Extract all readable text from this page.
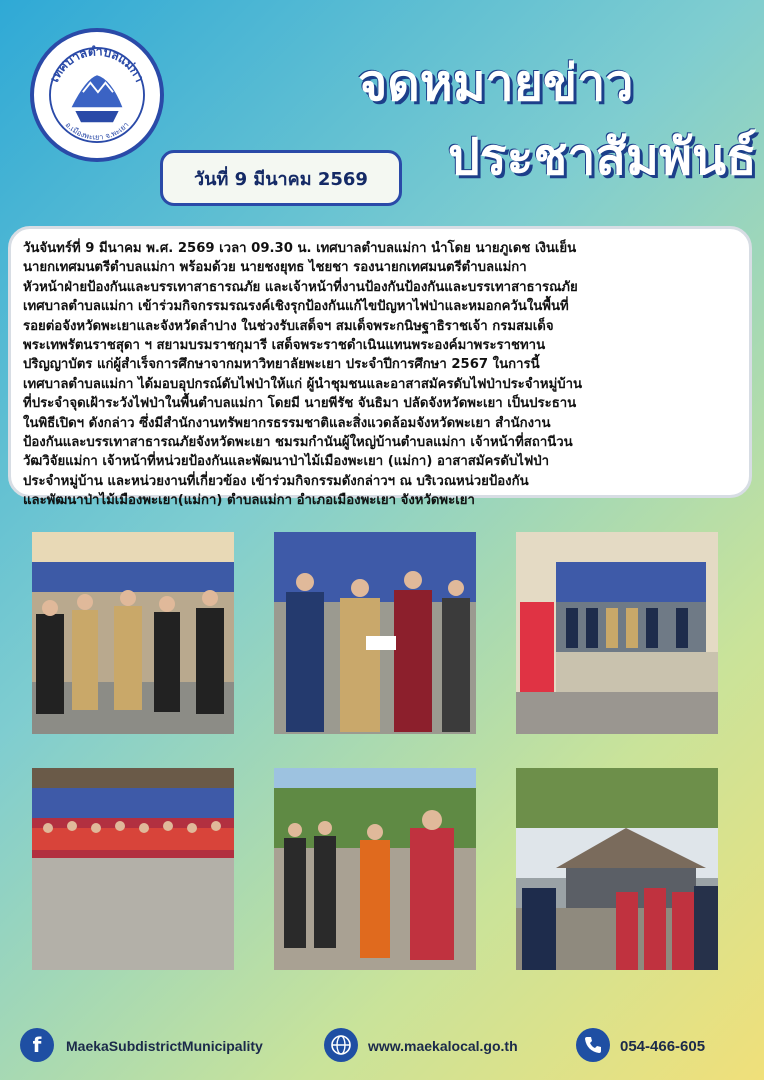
เทศบาลตำบลแม่กา
อ.เมืองพะเยา จ.พะเยา
จดหมายข่าว
ประชาสัมพันธ์
วันที่ 9 มีนาคม 2569

วันจันทร์ที่ 9 มีนาคม พ.ศ. 2569 เวลา 09.30 น. เทศบาลตำบลแม่กา นำโดย นายภูเดช เงินเย็น

นายกเทศมนตรีตำบลแม่กา พร้อมด้วย นายชงยุทธ ไชยชา รองนายกเทศมนตรีตำบลแม่กา

หัวหน้าฝ่ายป้องกันและบรรเทาสาธารณภัย และเจ้าหน้าที่งานป้องกันป้องกันและบรรเทาสาธารณภัย

เทศบาลตำบลแม่กา เข้าร่วมกิจกรรมรณรงค์เชิงรุกป้องกันแก้ไขปัญหาไฟป่าและหมอกควันในพื้นที่

รอยต่อจังหวัดพะเยาและจังหวัดลำปาง ในช่วงรับเสด็จฯ สมเด็จพระกนิษฐาธิราชเจ้า กรมสมเด็จ

พระเทพรัตนราชสุดา ฯ สยามบรมราชกุมารี เสด็จพระราชดำเนินแทนพระองค์มาพระราชทาน

ปริญญาบัตร แก่ผู้สำเร็จการศึกษาจากมหาวิทยาลัยพะเยา ประจำปีการศึกษา 2567 ในการนี้

เทศบาลตำบลแม่กา ได้มอบอุปกรณ์ดับไฟป่าให้แก่ ผู้นำชุมชนและอาสาสมัครดับไฟป่าประจำหมู่บ้าน

ที่ประจำจุดเฝ้าระวังไฟป่าในพื้นตำบลแม่กา โดยมี นายพีรัช จันธิมา ปลัดจังหวัดพะเยา เป็นประธาน

ในพิธีเปิดฯ ดังกล่าว ซึ่งมีสำนักงานทรัพยากรธรรมชาติและสิ่งแวดล้อมจังหวัดพะเยา สำนักงาน

ป้องกันและบรรเทาสาธารณภัยจังหวัดพะเยา ชมรมกำนันผู้ใหญ่บ้านตำบลแม่กา เจ้าหน้าที่สถานีวน

วัฒวิจัยแม่กา เจ้าหน้าที่หน่วยป้องกันและพัฒนาป่าไม้เมืองพะเยา (แม่กา) อาสาสมัครดับไฟป่า

ประจำหมู่บ้าน และหน่วยงานที่เกี่ยวข้อง เข้าร่วมกิจกรรมดังกล่าวฯ ณ บริเวณหน่วยป้องกัน

และพัฒนาป่าไม้เมืองพะเยา(แม่กา) ตำบลแม่กา อำเภอเมืองพะเยา จังหวัดพะเยา

f MaekaSubdistrictMunicipality	www.maekalocal.go.th	054-466-605
